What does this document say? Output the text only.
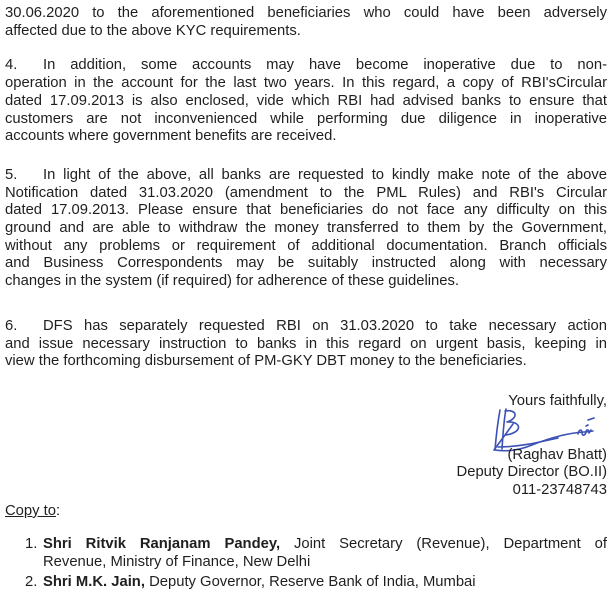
30.06.2020 to the aforementioned beneficiaries who could have been adversely
affected due to the above KYC requirements.
4.	In addition, some accounts may have become inoperative due to non-
operation in the account for the last two years. In this regard, a copy of RBI'sCircular
dated 17.09.2013 is also enclosed, vide which RBI had advised banks to ensure that
customers are not inconvenienced while performing due diligence in inoperative
accounts where government benefits are received.
5.	In light of the above, all banks are requested to kindly make note of the above
Notification dated 31.03.2020 (amendment to the PML Rules) and RBI's Circular
dated 17.09.2013. Please ensure that beneficiaries do not face any difficulty on this
ground and are able to withdraw the money transferred to them by the Government,
without any problems or requirement of additional documentation. Branch officials
and Business Correspondents may be suitably instructed along with necessary
changes in the system (if required) for adherence of these guidelines.
6.	DFS has separately requested RBI on 31.03.2020 to take necessary action
and issue necessary instruction to banks in this regard on urgent basis, keeping in
view the forthcoming disbursement of PM-GKY DBT money to the beneficiaries.
Yours faithfully,
(Raghav Bhatt)
Deputy Director (BO.II)
011-23748743
Copy to:
1. Shri Ritvik Ranjanam Pandey, Joint Secretary (Revenue), Department of
Revenue, Ministry of Finance, New Delhi
2. Shri M.K. Jain, Deputy Governor, Reserve Bank of India, Mumbai
